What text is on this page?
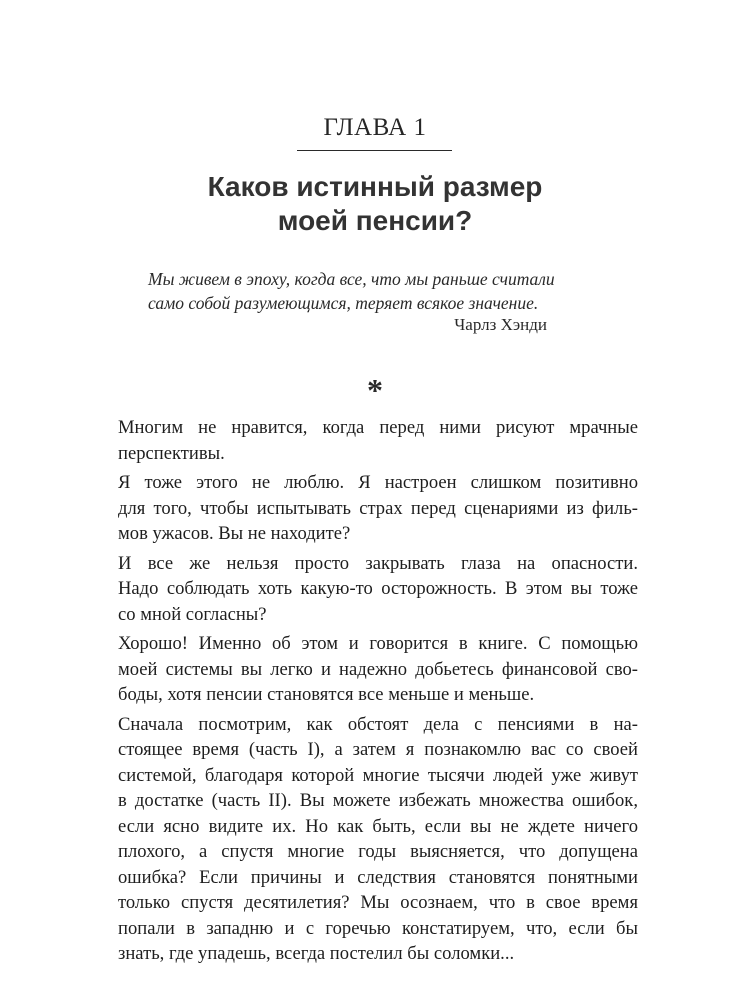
ГЛАВА 1
Каков истинный размер
моей пенсии?
Мы живем в эпоху, когда все, что мы раньше считали
само собой разумеющимся, теряет всякое значение.
Чарлз Хэнди
*
Многим не нравится, когда перед ними рисуют мрачные
перспективы.
Я тоже этого не люблю. Я настроен слишком позитивно
для того, чтобы испытывать страх перед сценариями из филь-
мов ужасов. Вы не находите?
И все же нельзя просто закрывать глаза на опасности.
Надо соблюдать хоть какую-то осторожность. В этом вы тоже
со мной согласны?
Хорошо! Именно об этом и говорится в книге. С помощью
моей системы вы легко и надежно добьетесь финансовой сво-
боды, хотя пенсии становятся все меньше и меньше.
Сначала посмотрим, как обстоят дела с пенсиями в на-
стоящее время (часть I), а затем я познакомлю вас со своей
системой, благодаря которой многие тысячи людей уже живут
в достатке (часть II). Вы можете избежать множества ошибок,
если ясно видите их. Но как быть, если вы не ждете ничего
плохого, а спустя многие годы выясняется, что допущена
ошибка? Если причины и следствия становятся понятными
только спустя десятилетия? Мы осознаем, что в свое время
попали в западню и с горечью констатируем, что, если бы
знать, где упадешь, всегда постелил бы соломки...
